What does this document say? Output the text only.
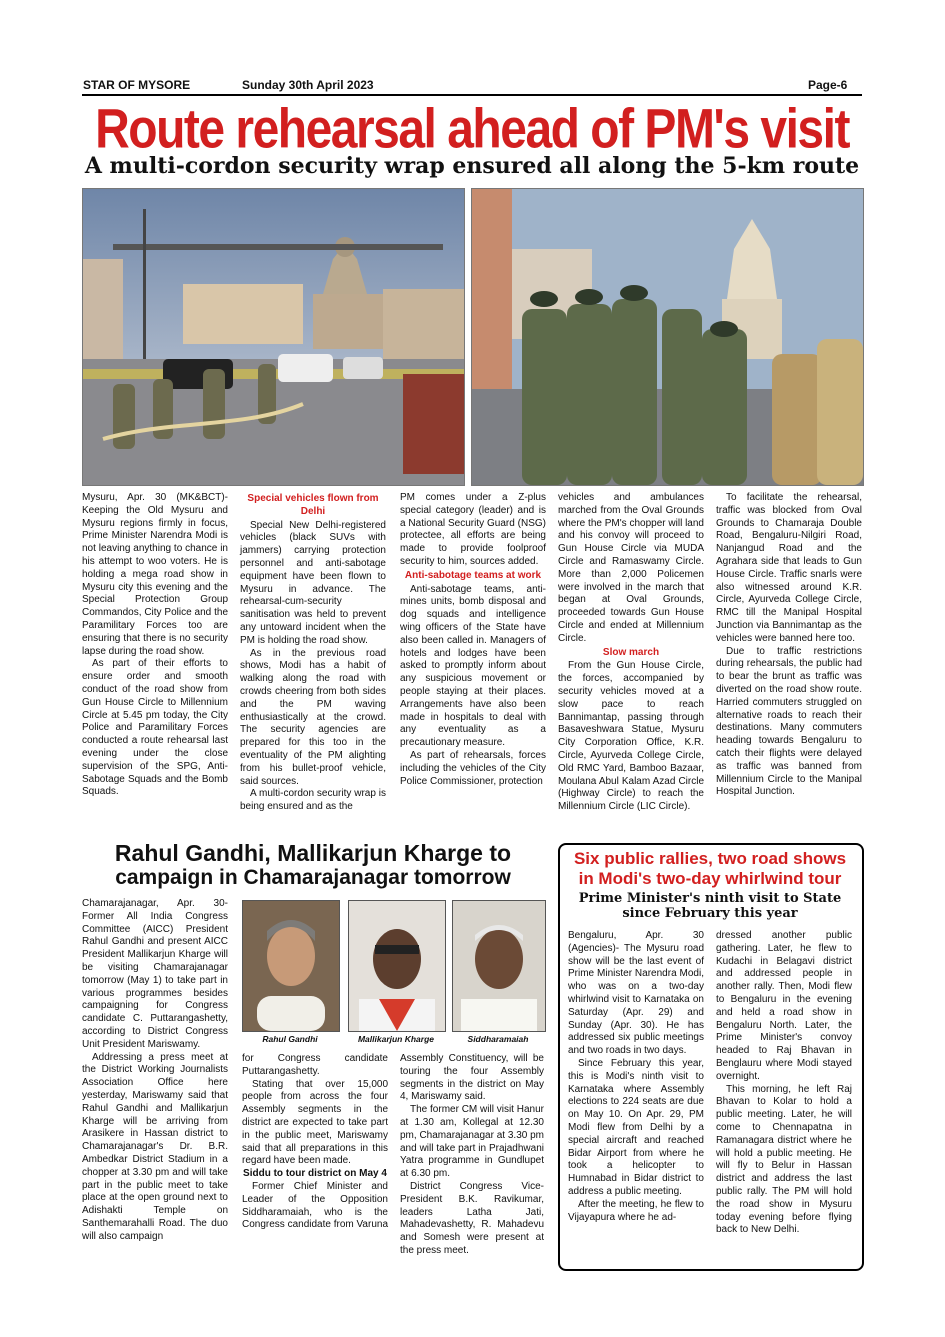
STAR OF MYSORE	Sunday 30th April 2023	Page-6
Route rehearsal ahead of PM's visit
A multi-cordon security wrap ensured all along the 5-km route

Mysuru, Apr. 30 (MK&BCT)- Keeping the Old Mysuru and Mysuru regions firmly in focus, Prime Minister Narendra Modi is not leaving anything to chance in his attempt to woo voters. He is holding a mega road show in Mysuru city this evening and the Special Protection Group Commandos, City Police and the Paramilitary Forces too are ensuring that there is no security lapse during the road show.

As part of their efforts to ensure order and smooth conduct of the road show from Gun House Circle to Millennium Circle at 5.45 pm today, the City Police and Paramilitary Forces conducted a route rehearsal last evening under the close supervision of the SPG, Anti-Sabotage Squads and the Bomb Squads.

Special vehicles flown from Delhi

Special New Delhi-registered vehicles (black SUVs with jammers) carrying protection personnel and anti-sabotage equipment have been flown to Mysuru in advance. The rehearsal-cum-security sanitisation was held to prevent any untoward incident when the PM is holding the road show.

As in the previous road shows, Modi has a habit of walking along the road with crowds cheering from both sides and the PM waving enthusiastically at the crowd. The security agencies are prepared for this too in the eventuality of the PM alighting from his bullet-proof vehicle, said sources.

A multi-cordon security wrap is being ensured and as the

PM comes under a Z-plus special category (leader) and is a National Security Guard (NSG) protectee, all efforts are being made to provide foolproof security to him, sources added.

Anti-sabotage teams at work

Anti-sabotage teams, anti-mines units, bomb disposal and dog squads and intelligence wing officers of the State have also been called in. Managers of hotels and lodges have been asked to promptly inform about any suspicious movement or people staying at their places. Arrangements have also been made in hospitals to deal with any eventuality as a precautionary measure.

As part of rehearsals, forces including the vehicles of the City Police Commissioner, protection

vehicles and ambulances marched from the Oval Grounds where the PM's chopper will land and his convoy will proceed to Gun House Circle via MUDA Circle and Ramaswamy Circle. More than 2,000 Policemen were involved in the march that began at Oval Grounds, proceeded towards Gun House Circle and ended at Millennium Circle.

Slow march

From the Gun House Circle, the forces, accompanied by security vehicles moved at a slow pace to reach Bannimantap, passing through Basaveshwara Statue, Mysuru City Corporation Office, K.R. Circle, Ayurveda College Circle, Old RMC Yard, Bamboo Bazaar, Moulana Abul Kalam Azad Circle (Highway Circle) to reach the Millennium Circle (LIC Circle).

To facilitate the rehearsal, traffic was blocked from Oval Grounds to Chamaraja Double Road, Bengaluru-Nilgiri Road, Nanjangud Road and the Agrahara side that leads to Gun House Circle. Traffic snarls were also witnessed around K.R. Circle, Ayurveda College Circle, RMC till the Manipal Hospital Junction via Bannimantap as the vehicles were banned here too.

Due to traffic restrictions during rehearsals, the public had to bear the brunt as traffic was diverted on the road show route. Harried commuters struggled on alternative roads to reach their destinations. Many commuters heading towards Bengaluru to catch their flights were delayed as traffic was banned from Millennium Circle to the Manipal Hospital Junction.

Rahul Gandhi, Mallikarjun Kharge to
campaign in Chamarajanagar tomorrow

Chamarajanagar, Apr. 30- Former All India Congress Committee (AICC) President Rahul Gandhi and present AICC President Mallikarjun Kharge will be visiting Chamarajanagar tomorrow (May 1) to take part in various programmes besides campaigning for Congress candidate C. Puttarangashetty, according to District Congress Unit President Mariswamy.

Addressing a press meet at the District Working Journalists Association Office here yesterday, Mariswamy said that Rahul Gandhi and Mallikarjun Kharge will be arriving from Arasikere in Hassan district to Chamarajanagar's Dr. B.R. Ambedkar District Stadium in a chopper at 3.30 pm and will take part in the public meet to take place at the open ground next to Adishakti Temple on Santhemarahalli Road. The duo will also campaign

Rahul Gandhi	Mallikarjun Kharge	Siddharamaiah

for Congress candidate Puttarangashetty.

Stating that over 15,000 people from across the four Assembly segments in the district are expected to take part in the public meet, Mariswamy said that all preparations in this regard have been made.

Siddu to tour district on May 4

Former Chief Minister and Leader of the Opposition Siddharamaiah, who is the Congress candidate from Varuna

Assembly Constituency, will be touring the four Assembly segments in the district on May 4, Mariswamy said.

The former CM will visit Hanur at 1.30 am, Kollegal at 12.30 pm, Chamarajanagar at 3.30 pm and will take part in Prajadhwani Yatra programme in Gundlupet at 6.30 pm.

District Congress Vice-President B.K. Ravikumar, leaders Latha Jati, Mahadevashetty, R. Mahadevu and Somesh were present at the press meet.

Six public rallies, two road shows
in Modi's two-day whirlwind tour
Prime Minister's ninth visit to State
since February this year

Bengaluru, Apr. 30 (Agencies)- The Mysuru road show will be the last event of Prime Minister Narendra Modi, who was on a two-day whirlwind visit to Karnataka on Saturday (Apr. 29) and Sunday (Apr. 30). He has addressed six public meetings and two roads in two days.

Since February this year, this is Modi's ninth visit to Karnataka where Assembly elections to 224 seats are due on May 10. On Apr. 29, PM Modi flew from Delhi by a special aircraft and reached Bidar Airport from where he took a helicopter to Humnabad in Bidar district to address a public meeting.

After the meeting, he flew to Vijayapura where he ad-

dressed another public gathering. Later, he flew to Kudachi in Belagavi district and addressed people in another rally. Then, Modi flew to Bengaluru in the evening and held a road show in Bengaluru North. Later, the Prime Minister's convoy headed to Raj Bhavan in Benglauru where Modi stayed overnight.

This morning, he left Raj Bhavan to Kolar to hold a public meeting. Later, he will come to Chennapatna in Ramanagara district where he will hold a public meeting. He will fly to Belur in Hassan district and address the last public rally. The PM will hold the road show in Mysuru today evening before flying back to New Delhi.
